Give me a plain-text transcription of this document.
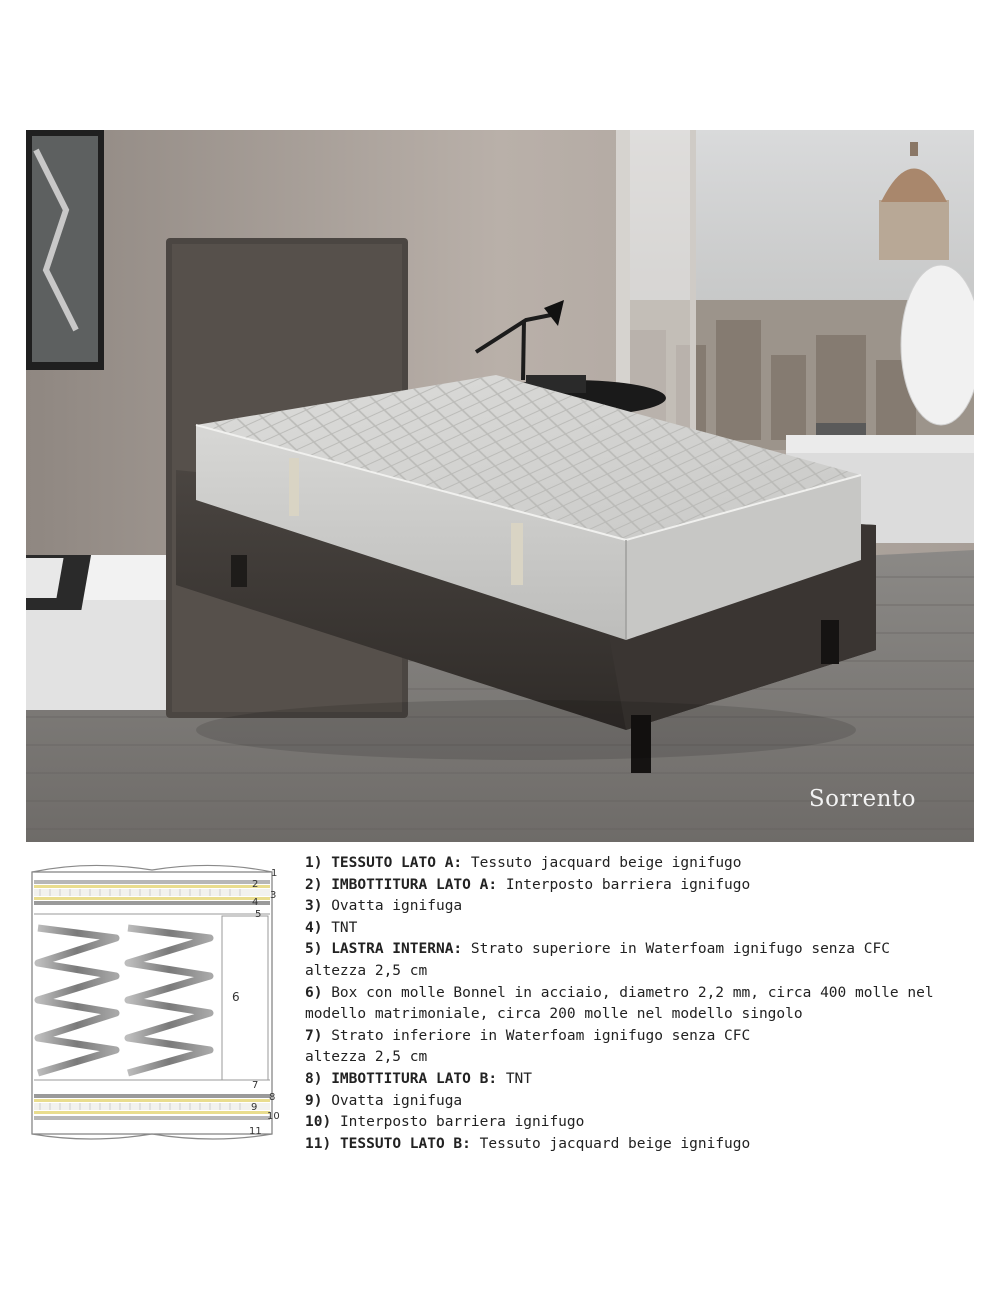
Sorrento
1
2
3
4
5
6
7
8
9
10
11
1) TESSUTO LATO A: Tessuto jacquard beige ignifugo
2) IMBOTTITURA LATO A: Interposto barriera ignifugo
3) Ovatta ignifuga
4) TNT
5) LASTRA INTERNA: Strato superiore in Waterfoam ignifugo senza CFC
altezza 2,5 cm
6) Box con molle Bonnel in acciaio, diametro 2,2 mm, circa 400 molle nel
modello matrimoniale, circa 200 molle nel modello singolo
7) Strato inferiore in Waterfoam ignifugo senza CFC
altezza 2,5 cm
8) IMBOTTITURA LATO B: TNT
9) Ovatta ignifuga
10) Interposto barriera ignifugo
11) TESSUTO LATO B: Tessuto jacquard beige ignifugo
